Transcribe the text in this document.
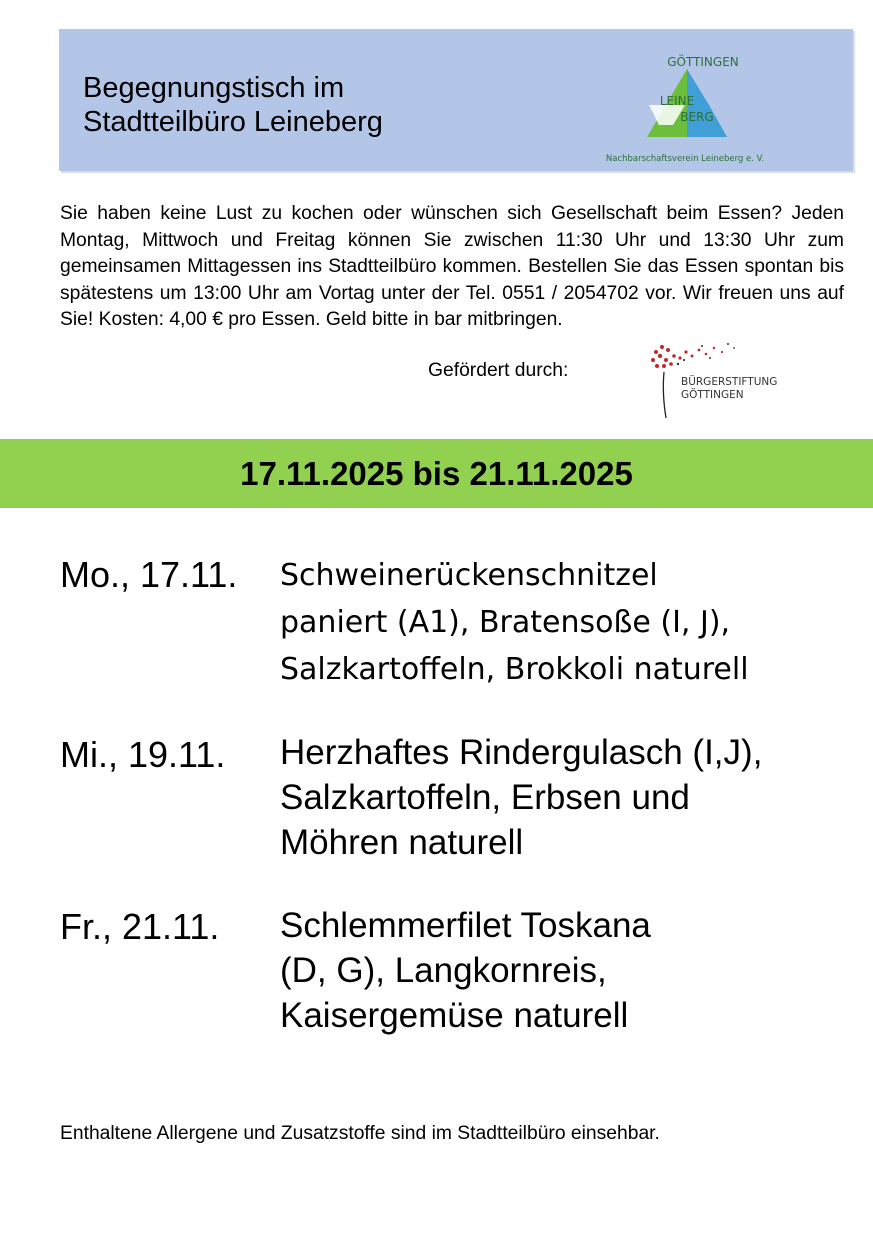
Begegnungstisch im
Stadtteilbüro Leineberg
GÖTTINGEN
LEINE
BERG
Nachbarschaftsverein Leineberg e. V.
Sie haben keine Lust zu kochen oder wünschen sich Gesellschaft beim Essen? Jeden Montag, Mittwoch und Freitag können Sie zwischen 11:30 Uhr und 13:30 Uhr zum gemeinsamen Mittagessen ins Stadtteilbüro kommen. Bestellen Sie das Essen spontan bis spätestens um 13:00 Uhr am Vortag unter der Tel. 0551 / 2054702 vor. Wir freuen uns auf Sie! Kosten: 4,00 € pro Essen. Geld bitte in bar mitbringen.
Gefördert durch:
BÜRGERSTIFTUNG
GÖTTINGEN
17.11.2025 bis 21.11.2025
Mo., 17.11. Schweinerückenschnitzel
paniert (A1), Bratensoße (I, J),
Salzkartoffeln, Brokkoli naturell
Mi., 19.11. Herzhaftes Rindergulasch (I,J),
Salzkartoffeln, Erbsen und
Möhren naturell
Fr., 21.11. Schlemmerfilet Toskana
(D, G), Langkornreis,
Kaisergemüse naturell
Enthaltene Allergene und Zusatzstoffe sind im Stadtteilbüro einsehbar.
